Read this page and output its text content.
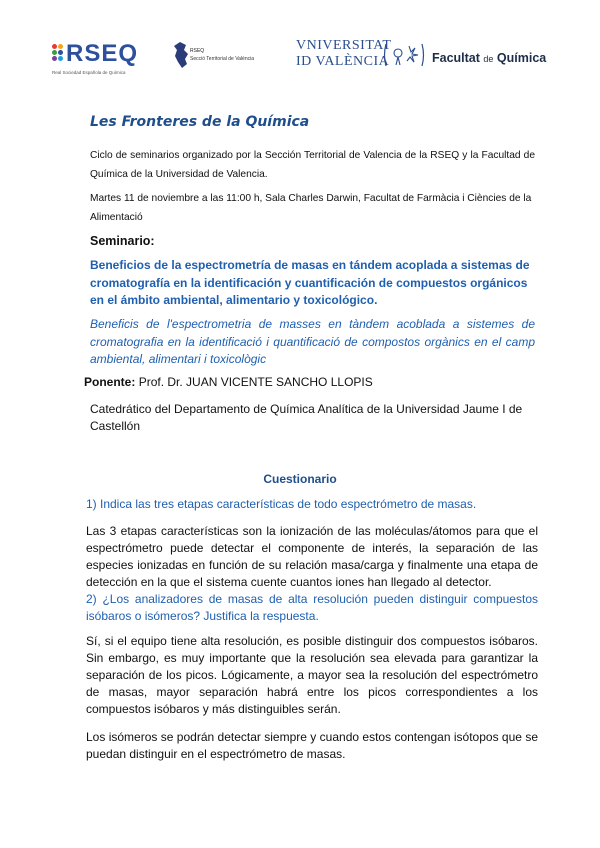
RSEQ
Real Sociedad Española de Química
RSEQ
Secció Territorial de València
VNIVERSITAT
ID VALÈNCIA	Facultat de Química
Les Fronteres de la Química

Ciclo de seminarios organizado por la Sección Territorial de Valencia de la RSEQ y la Facultad de Química de la Universidad de Valencia.

Martes 11 de noviembre a las 11:00 h, Sala Charles Darwin, Facultat de Farmàcia i Ciències de la Alimentació

Seminario:

Beneficios de la espectrometría de masas en tándem acoplada a sistemas de cromatografía en la identificación y cuantificación de compuestos orgánicos en el ámbito ambiental, alimentario y toxicológico.

Beneficis de l'espectrometria de masses en tàndem acoblada a sistemes de cromatografia en la identificació i quantificació de compostos orgànics en el camp ambiental, alimentari i toxicològic

Ponente: Prof. Dr. JUAN VICENTE SANCHO LLOPIS

Catedrático del Departamento de Química Analítica de la Universidad Jaume I de Castellón

Cuestionario
1) Indica las tres etapas características de todo espectrómetro de masas.

Las 3 etapas características son la ionización de las moléculas/átomos para que el espectrómetro puede detectar el componente de interés, la separación de las especies ionizadas en función de su relación masa/carga y finalmente una etapa de detección en la que el sistema cuente cuantos iones han llegado al detector.

2) ¿Los analizadores de masas de alta resolución pueden distinguir compuestos isóbaros o isómeros? Justifica la respuesta.

Sí, si el equipo tiene alta resolución, es posible distinguir dos compuestos isóbaros. Sin embargo, es muy importante que la resolución sea elevada para garantizar la separación de los picos. Lógicamente, a mayor sea la resolución del espectrómetro de masas, mayor separación habrá entre los picos correspondientes a los compuestos isóbaros y más distinguibles serán.

Los isómeros se podrán detectar siempre y cuando estos contengan isótopos que se puedan distinguir en el espectrómetro de masas.
